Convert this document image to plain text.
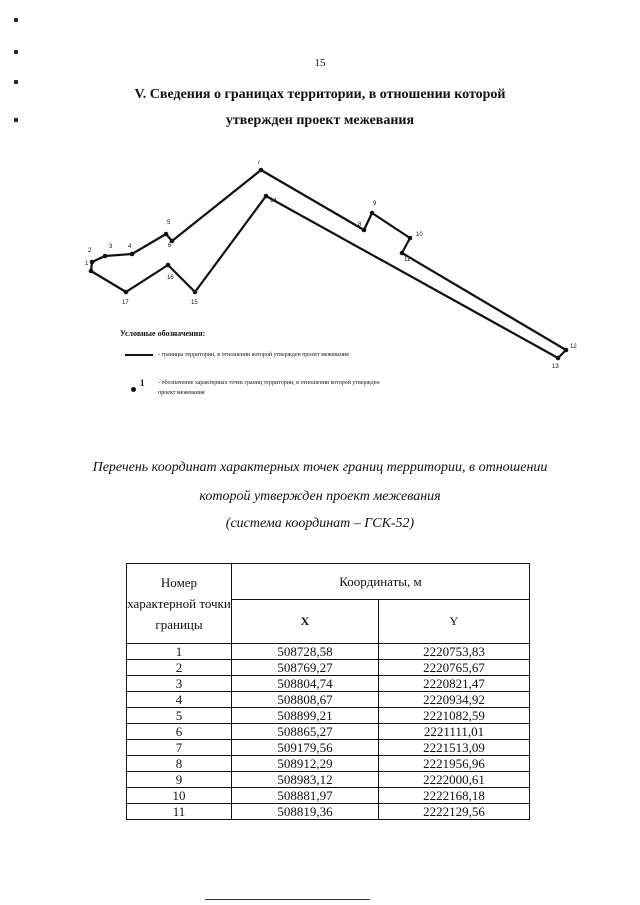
15
V. Сведения о границах территории, в отношении которой
утвержден проект межевания
1
2
3	4
5
6
7
8
9
10
11
12
13
14
15
16
17
Условные обозначения:
- границы территории, в отношении которой утвержден проект межевания
1 - обозначение характерных точек границ территории, в отношении которой утвержден проект межевания
Перечень координат характерных точек границ территории, в отношении
которой утвержден проект межевания
(система координат – ГСК-52)
Номер характерной точки границы	Координаты, м	
	X	Y
1	508728,58	2220753,83
2	508769,27	2220765,67
3	508804,74	2220821,47
4	508808,67	2220934,92
5	508899,21	2221082,59
6	508865,27	2221111,01
7	509179,56	2221513,09
8	508912,29	2221956,96
9	508983,12	2222000,61
10	508881,97	2222168,18
11	508819,36	2222129,56
